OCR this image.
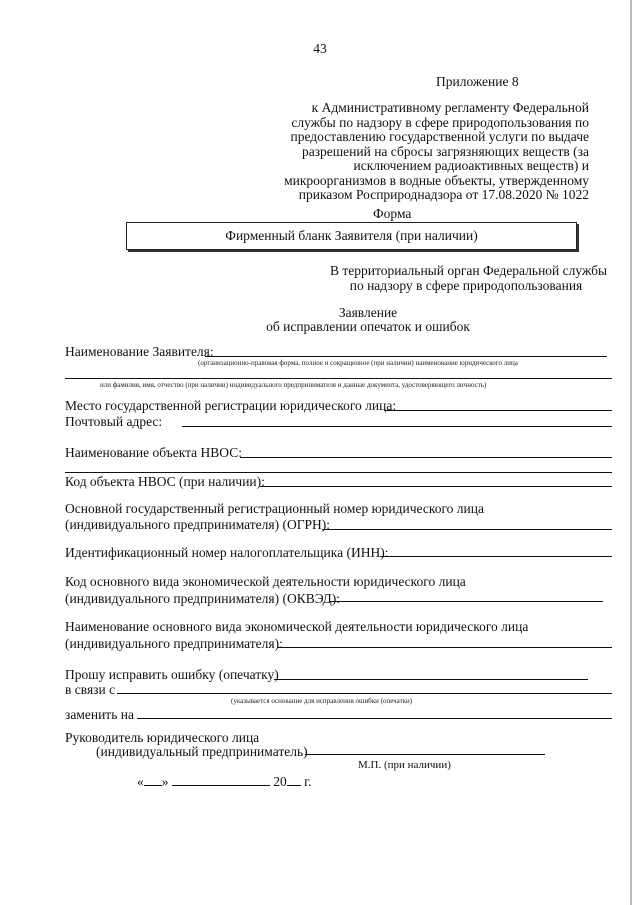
43
Приложение 8
к Административному регламенту Федеральной
службы по надзору в сфере природопользования по
предоставлению государственной услуги по выдаче
разрешений на сбросы загрязняющих веществ (за
исключением радиоактивных веществ) и
микроорганизмов в водные объекты, утвержденному
приказом Росприроднадзора от 17.08.2020 № 1022
Форма
Фирменный бланк Заявителя (при наличии)
В территориальный орган Федеральной службы
по надзору в сфере природопользования
Заявление
об исправлении опечаток и ошибок
Наименование Заявителя:
(организационно-правовая форма, полное и сокращенное (при наличии) наименование юридического лица
или фамилия, имя, отчество (при наличии) индивидуального предпринимателя и данные документа, удостоверяющего личность)
Место государственной регистрации юридического лица:
Почтовый адрес:
Наименование объекта НВОС:
Код объекта НВОС (при наличии):
Основной государственный регистрационный номер юридического лица
(индивидуального предпринимателя) (ОГРН):
Идентификационный номер налогоплательщика (ИНН):
Код основного вида экономической деятельности юридического лица
(индивидуального предпринимателя) (ОКВЭД):
Наименование основного вида экономической деятельности юридического лица
(индивидуального предпринимателя):
Прошу исправить ошибку (опечатку)
в связи с
(указывается основание для исправления ошибки (опечатки)
заменить на
Руководитель юридического лица
(индивидуальный предприниматель)
М.П. (при наличии)
« »	20 г.
